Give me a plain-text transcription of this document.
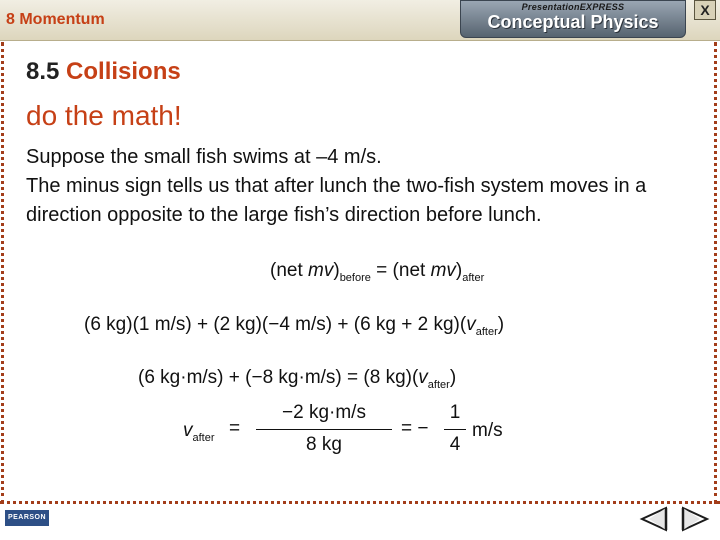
8 Momentum
PresentationEXPRESS
Conceptual Physics
X
8.5 Collisions
do the math!

Suppose the small fish swims at –4 m/s.

The minus sign tells us that after lunch the two-fish system moves in a direction opposite to the large fish’s direction before lunch.

(net $mv)_{before} = (net$ $mv)_{after}$
(6 kg)(1 m/s) + (2 kg)(−4 m/s) + (6 kg + 2 $kg)(v_{after})$
(6 kg·m/s) + (−8 kg·m/s) = (8 $kg)(v_{after})$
$v_{after}$ =
−2 kg·m/s
8 kg
= −
1
4
m/s
PEARSON
